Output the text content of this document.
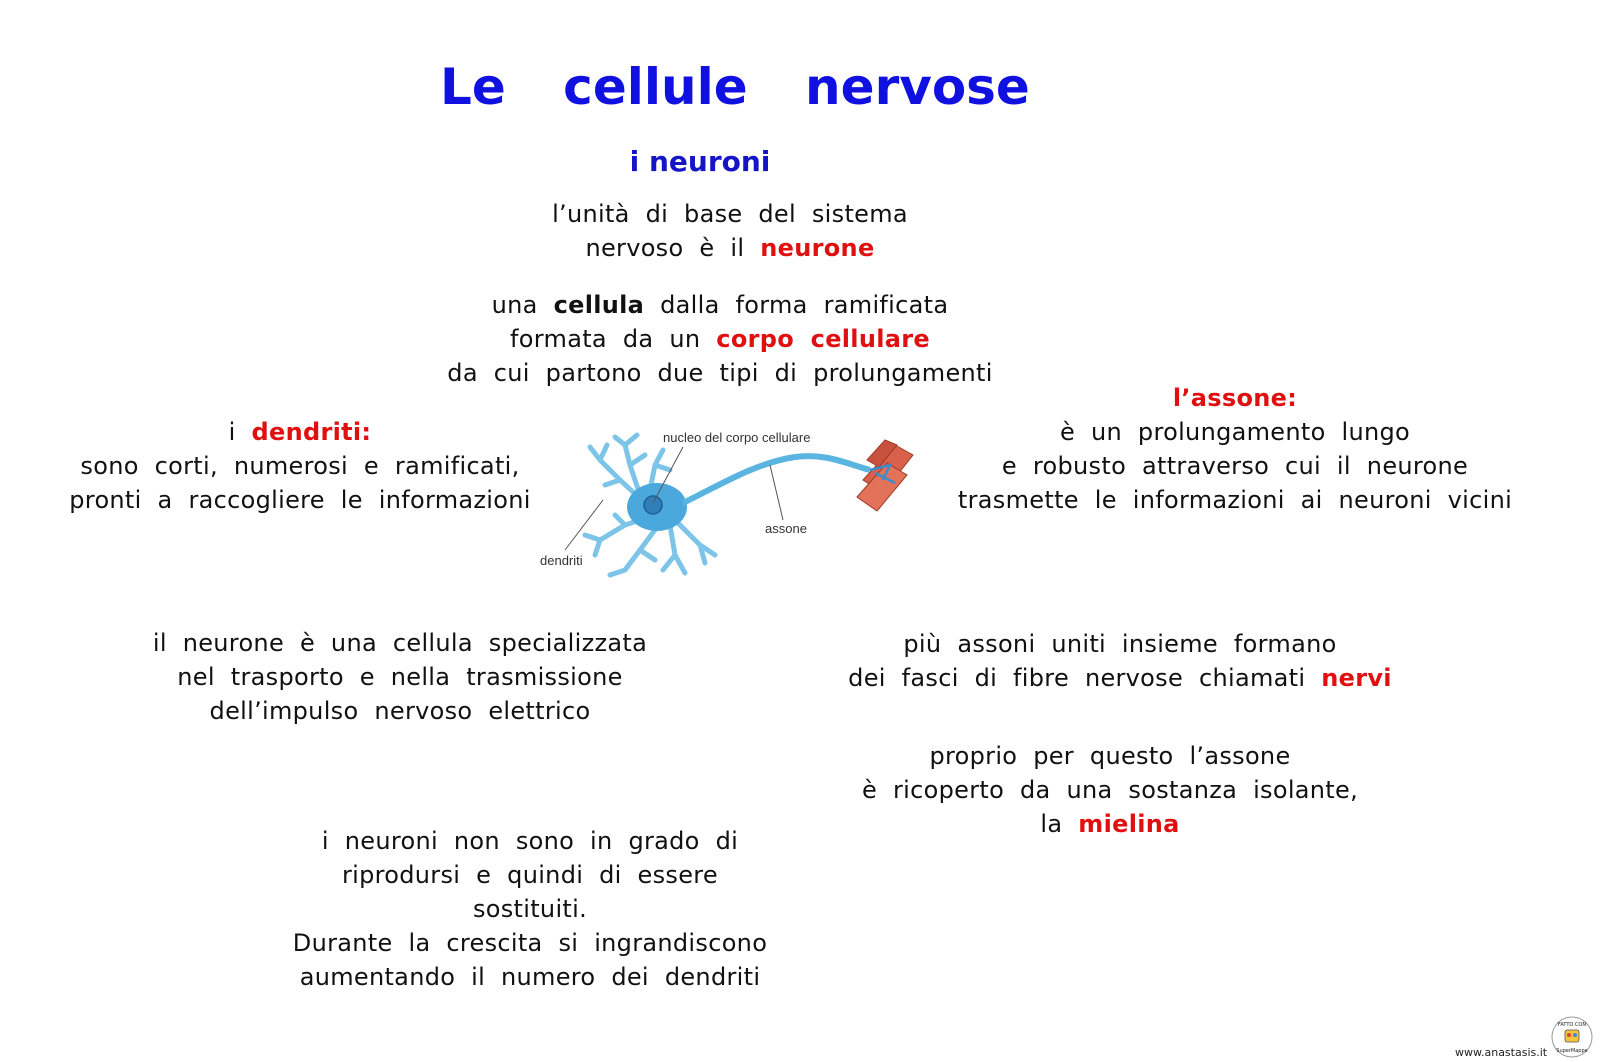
Le cellule nervose
i neuroni
l’unità di base del sistema
nervoso è il neurone
una cellula dalla forma ramificata
formata da un corpo cellulare
da cui partono due tipi di prolungamenti
i dendriti:
sono corti, numerosi e ramificati,
pronti a raccogliere le informazioni
l’assone:
è un prolungamento lungo
e robusto attraverso cui il neurone
trasmette le informazioni ai neuroni vicini
nucleo del corpo cellulare
assone
dendriti
il neurone è una cellula specializzata
nel trasporto e nella trasmissione
dell’impulso nervoso elettrico
più assoni uniti insieme formano
dei fasci di fibre nervose chiamati nervi
proprio per questo l’assone
è ricoperto da una sostanza isolante,
la mielina
i neuroni non sono in grado di
riprodursi e quindi di essere
sostituiti.
Durante la crescita si ingrandiscono
aumentando il numero dei dendriti
www.anastasis.it
FATTO CON
SuperMappe
